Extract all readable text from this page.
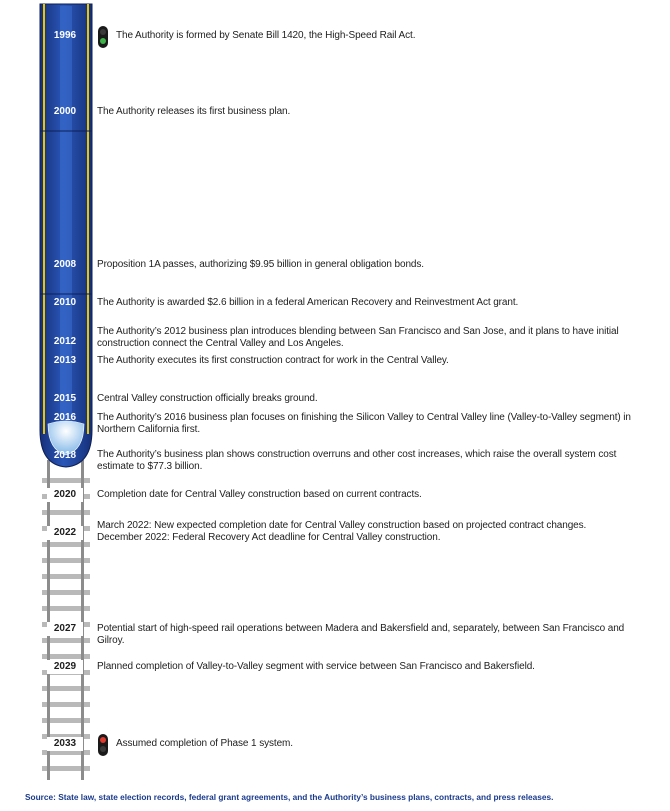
1996
2000
2008
2010
2012
2013
2015
2016
2018
2020
2022
2027
2029
2033
The Authority is formed by Senate Bill 1420, the High-Speed Rail Act.
The Authority releases its first business plan.
Proposition 1A passes, authorizing $9.95 billion in general obligation bonds.
The Authority is awarded $2.6 billion in a federal American Recovery and Reinvestment Act grant.
The Authority’s 2012 business plan introduces blending between San Francisco and San Jose, and it plans to have initial
construction connect the Central Valley and Los Angeles.
The Authority executes its first construction contract for work in the Central Valley.
Central Valley construction officially breaks ground.
The Authority’s 2016 business plan focuses on finishing the Silicon Valley to Central Valley line (Valley-to-Valley segment) in
Northern California first.
The Authority’s business plan shows construction overruns and other cost increases, which raise the overall system cost
estimate to $77.3 billion.
Completion date for Central Valley construction based on current contracts.
March 2022: New expected completion date for Central Valley construction based on projected contract changes.
December 2022: Federal Recovery Act deadline for Central Valley construction.
Potential start of high-speed rail operations between Madera and Bakersfield and, separately, between San Francisco and Gilroy.
Planned completion of Valley-to-Valley segment with service between San Francisco and Bakersfield.
Assumed completion of Phase 1 system.
Source: State law, state election records, federal grant agreements, and the Authority’s business plans, contracts, and press releases.
